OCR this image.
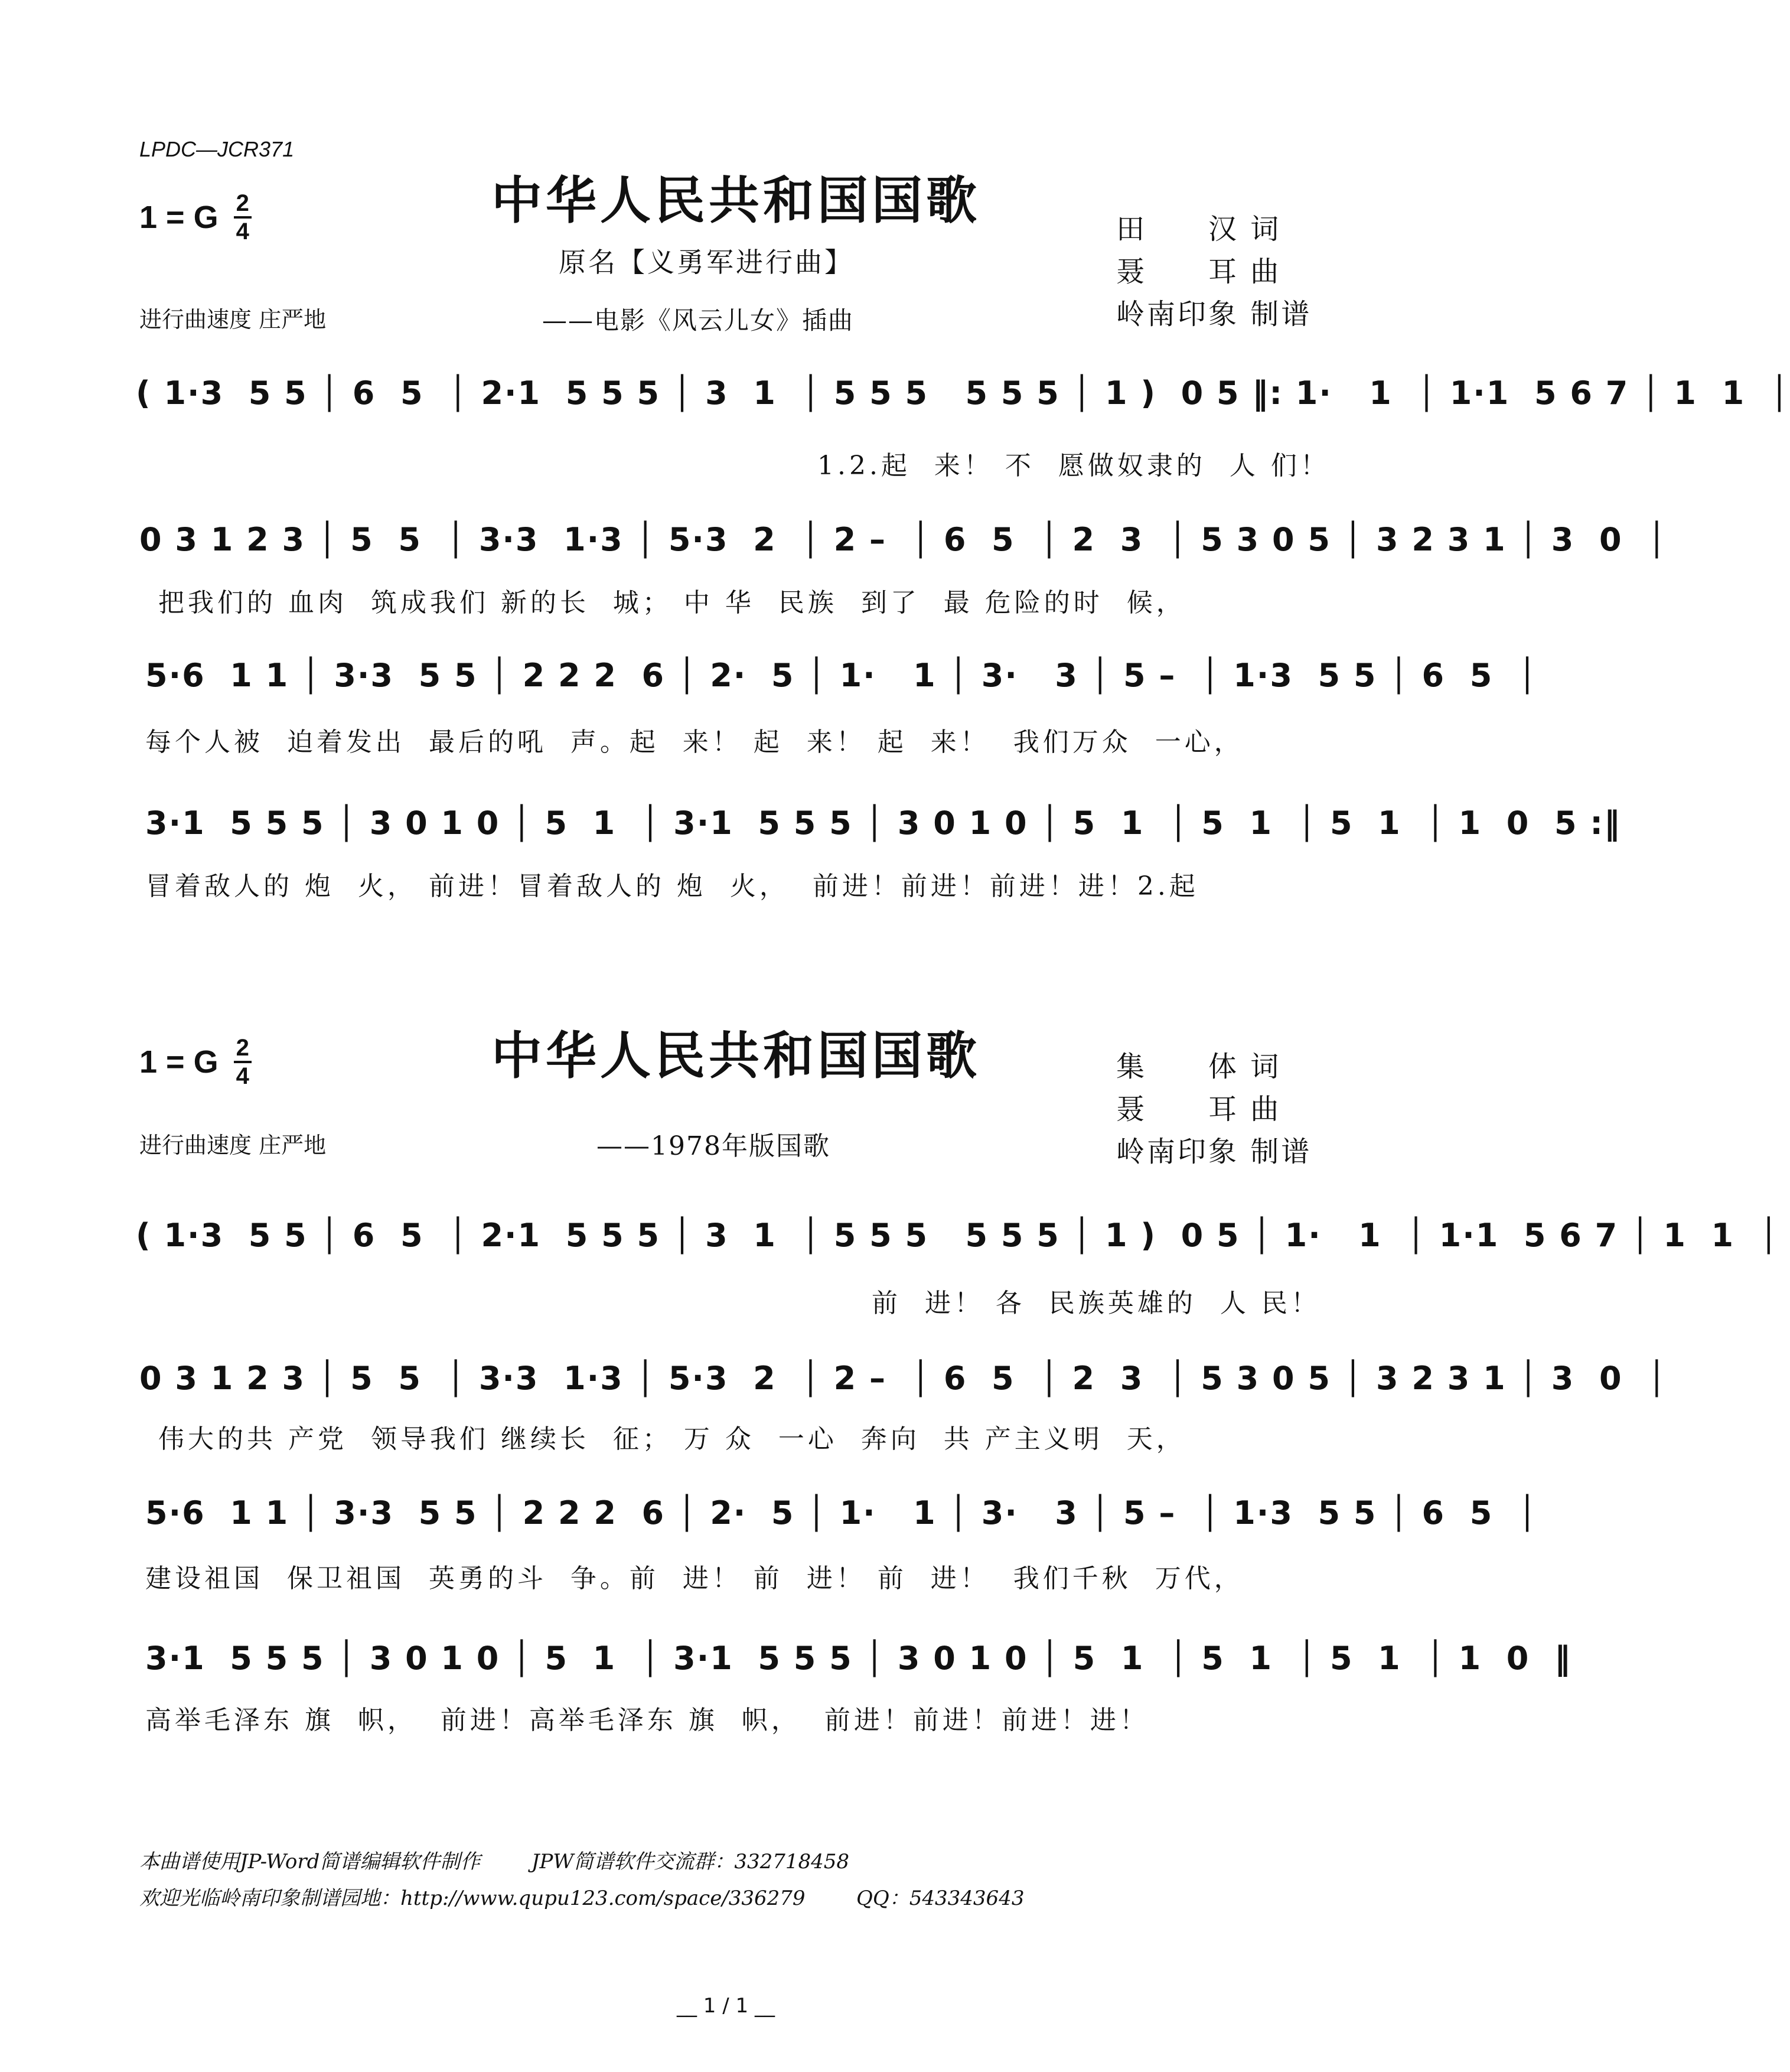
LPDC—JCR371
1 = G $\frac{2}{4}$	中华人民共和国国歌
原名【义勇军进行曲】
——电影《风云儿女》插曲
进行曲速度 庄严地
田　　汉 词
聂　　耳 曲
岭南印象 制谱
( 1·3  5 5 │ 6  5  │ 2·1  5 5 5 │ 3  1  │ 5 5 5   5 5 5 │ 1 )  0 5 ‖: 1·   1  │ 1·1  5 6 7 │ 1  1  │
1.2.起  来！ 不  愿做奴隶的  人 们！
0 3 1 2 3 │ 5  5  │ 3·3  1·3 │ 5·3  2  │ 2 –  │ 6  5  │ 2  3  │ 5 3 0 5 │ 3 2 3 1 │ 3  0  │
把我们的 血肉  筑成我们 新的长  城； 中 华  民族  到了  最 危险的时  候，
5·6  1 1 │ 3·3  5 5 │ 2 2 2  6 │ 2·  5 │ 1·   1 │ 3·   3 │ 5 –  │ 1·3  5 5 │ 6  5  │
每个人被  迫着发出  最后的吼  声。起  来！ 起  来！ 起  来！  我们万众  一心，
3·1  5 5 5 │ 3 0 1 0 │ 5  1  │ 3·1  5 5 5 │ 3 0 1 0 │ 5  1  │ 5  1  │ 5  1  │ 1  0  5 :‖
冒着敌人的 炮  火， 前进！冒着敌人的 炮  火，  前进！前进！前进！进！2.起
1 = G $\frac{2}{4}$	中华人民共和国国歌
——1978年版国歌
进行曲速度 庄严地
集　　体 词
聂　　耳 曲
岭南印象 制谱
( 1·3  5 5 │ 6  5  │ 2·1  5 5 5 │ 3  1  │ 5 5 5   5 5 5 │ 1 )  0 5 │ 1·   1  │ 1·1  5 6 7 │ 1  1  │
前  进！ 各  民族英雄的  人 民！
0 3 1 2 3 │ 5  5  │ 3·3  1·3 │ 5·3  2  │ 2 –  │ 6  5  │ 2  3  │ 5 3 0 5 │ 3 2 3 1 │ 3  0  │
伟大的共 产党  领导我们 继续长  征； 万 众  一心  奔向  共 产主义明  天，
5·6  1 1 │ 3·3  5 5 │ 2 2 2  6 │ 2·  5 │ 1·   1 │ 3·   3 │ 5 –  │ 1·3  5 5 │ 6  5  │
建设祖国  保卫祖国  英勇的斗  争。前  进！ 前  进！ 前  进！  我们千秋  万代，
3·1  5 5 5 │ 3 0 1 0 │ 5  1  │ 3·1  5 5 5 │ 3 0 1 0 │ 5  1  │ 5  1  │ 5  1  │ 1  0  ‖
高举毛泽东 旗  帜，  前进！高举毛泽东 旗  帜，  前进！前进！前进！进！
本曲谱使用JP-Word简谱编辑软件制作        JPW简谱软件交流群：332718458
欢迎光临岭南印象制谱园地：http://www.qupu123.com/space/336279        QQ：543343643
__ 1 / 1 __
